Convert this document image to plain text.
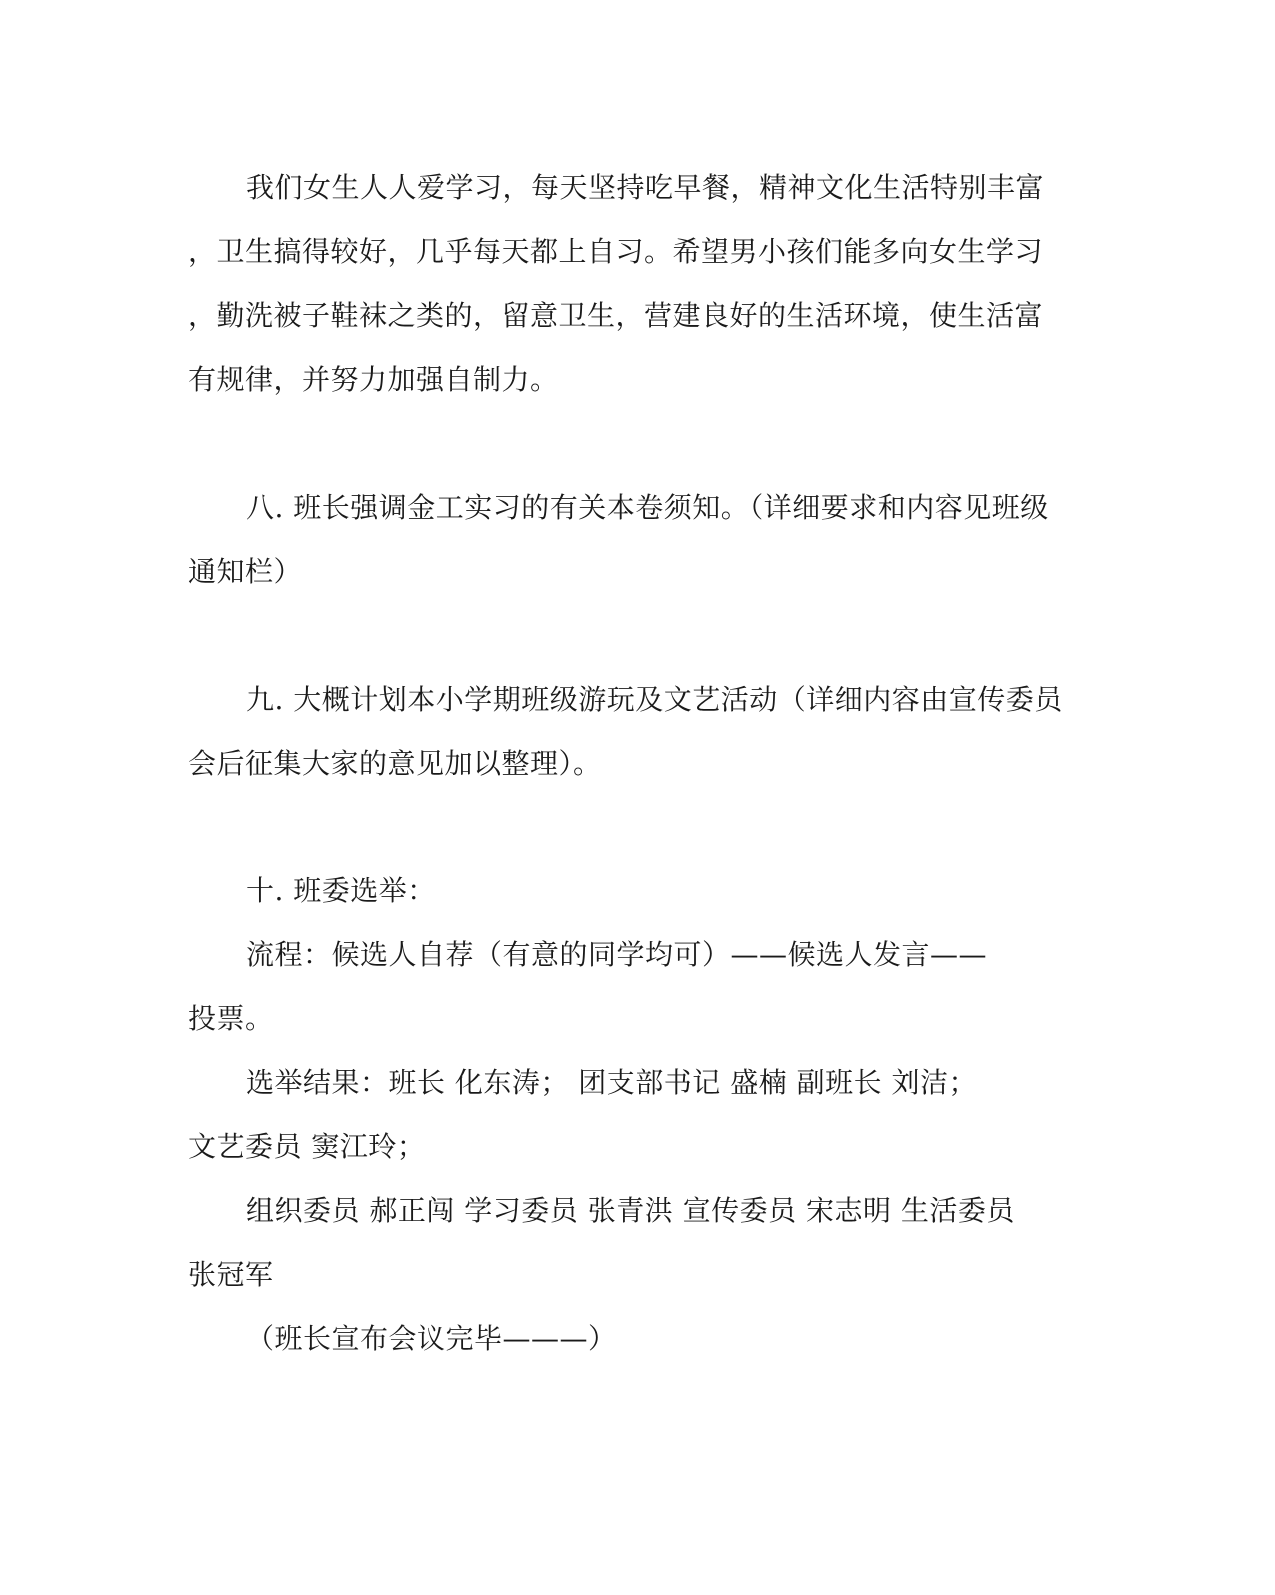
我们女生人人爱学习，每天坚持吃早餐，精神文化生活特别丰富
，卫生搞得较好，几乎每天都上自习。希望男小孩们能多向女生学习
，勤洗被子鞋袜之类的，留意卫生，营建良好的生活环境，使生活富
有规律，并努力加强自制力。
八. 班长强调金工实习的有关本卷须知。（详细要求和内容见班级
通知栏）
九. 大概计划本小学期班级游玩及文艺活动（详细内容由宣传委员
会后征集大家的意见加以整理）。
十. 班委选举：
流程：候选人自荐（有意的同学均可）——候选人发言——
投票。
选举结果：班长 化东涛； 团支部书记 盛楠 副班长 刘洁；
文艺委员 窦江玲；
组织委员 郝正闯 学习委员 张青洪 宣传委员 宋志明 生活委员
张冠军
（班长宣布会议完毕———）
